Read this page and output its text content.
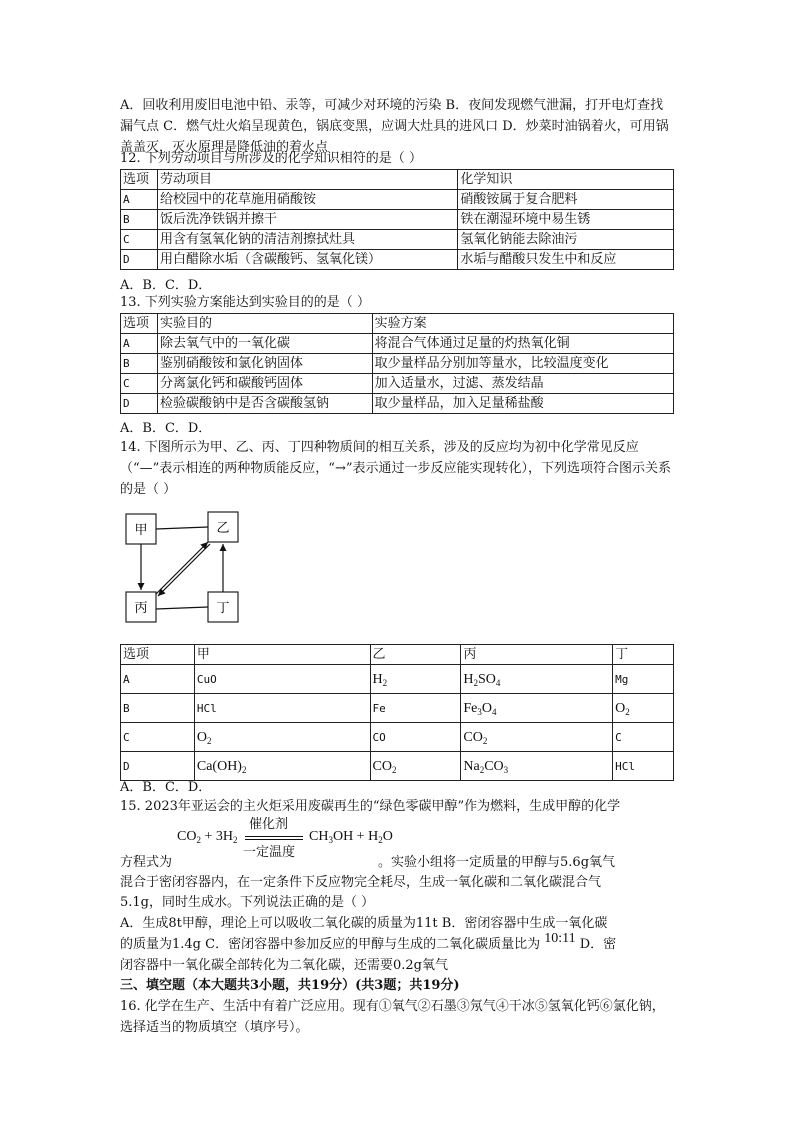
A．回收利用废旧电池中铅、汞等，可减少对环境的污染 B．夜间发现燃气泄漏，打开电灯查找漏气点 C．燃气灶火焰呈现黄色，锅底变黑，应调大灶具的进风口 D．炒菜时油锅着火，可用锅盖盖灭，灭火原理是降低油的着火点

12. 下列劳动项目与所涉及的化学知识相符的是（ ）
选项	劳动项目	化学知识
A	给校园中的花草施用硝酸铵	硝酸铵属于复合肥料
B	饭后洗净铁锅并擦干	铁在潮湿环境中易生锈
C	用含有氢氧化钠的清洁剂擦拭灶具	氢氧化钠能去除油污
D	用白醋除水垢（含碳酸钙、氢氧化镁）	水垢与醋酸只发生中和反应
A．B．C．D．
13. 下列实验方案能达到实验目的的是（ ）
选项	实验目的	实验方案
A	除去氧气中的一氧化碳	将混合气体通过足量的灼热氧化铜
B	鉴别硝酸铵和氯化钠固体	取少量样品分别加等量水，比较温度变化
C	分离氯化钙和碳酸钙固体	加入适量水，过滤、蒸发结晶
D	检验碳酸钠中是否含碳酸氢钠	取少量样品，加入足量稀盐酸
A．B．C．D．

14. 下图所示为甲、乙、丙、丁四种物质间的相互关系，涉及的反应均为初中化学常见反应（“—”表示相连的两种物质能反应，“→”表示通过一步反应能实现转化），下列选项符合图示关系的是（ ）

甲	乙
丙	丁
选项	甲	乙	丙	丁
A	CuO	$H_2$	$H_2SO_4$	Mg
B	HCl	Fe	$Fe_3O_4$	$O_2$
C	$O_2$	CO	$CO_2$	C
D	$Ca(OH)_2$	$CO_2$	$Na_2CO_3$	HCl
A．B．C．D．
15. 2023年亚运会的主火炬采用废碳再生的“绿色零碳甲醇”作为燃料，生成甲醇的化学
$CO_2 + 3H_2$
催化剂
一定温度
$CH_3OH + H_2O$
方程式为	。实验小组将一定质量的甲醇与5.6g氧气
混合于密闭容器内，在一定条件下反应物完全耗尽，生成一氧化碳和二氧化碳混合气
5.1g，同时生成水。下列说法正确的是（ ）
A．生成8t甲醇，理论上可以吸收二氧化碳的质量为11t B．密闭容器中生成一氧化碳
的质量为1.4g C．密闭容器中参加反应的甲醇与生成的二氧化碳质量比为 10:11 D．密
闭容器中一氧化碳全部转化为二氧化碳，还需要0.2g氧气
三、填空题（本大题共3小题，共19分）(共3题；共19分)

16. 化学在生产、生活中有着广泛应用。现有①氧气②石墨③氖气④干冰⑤氢氧化钙⑥氯化钠，选择适当的物质填空（填序号）。
